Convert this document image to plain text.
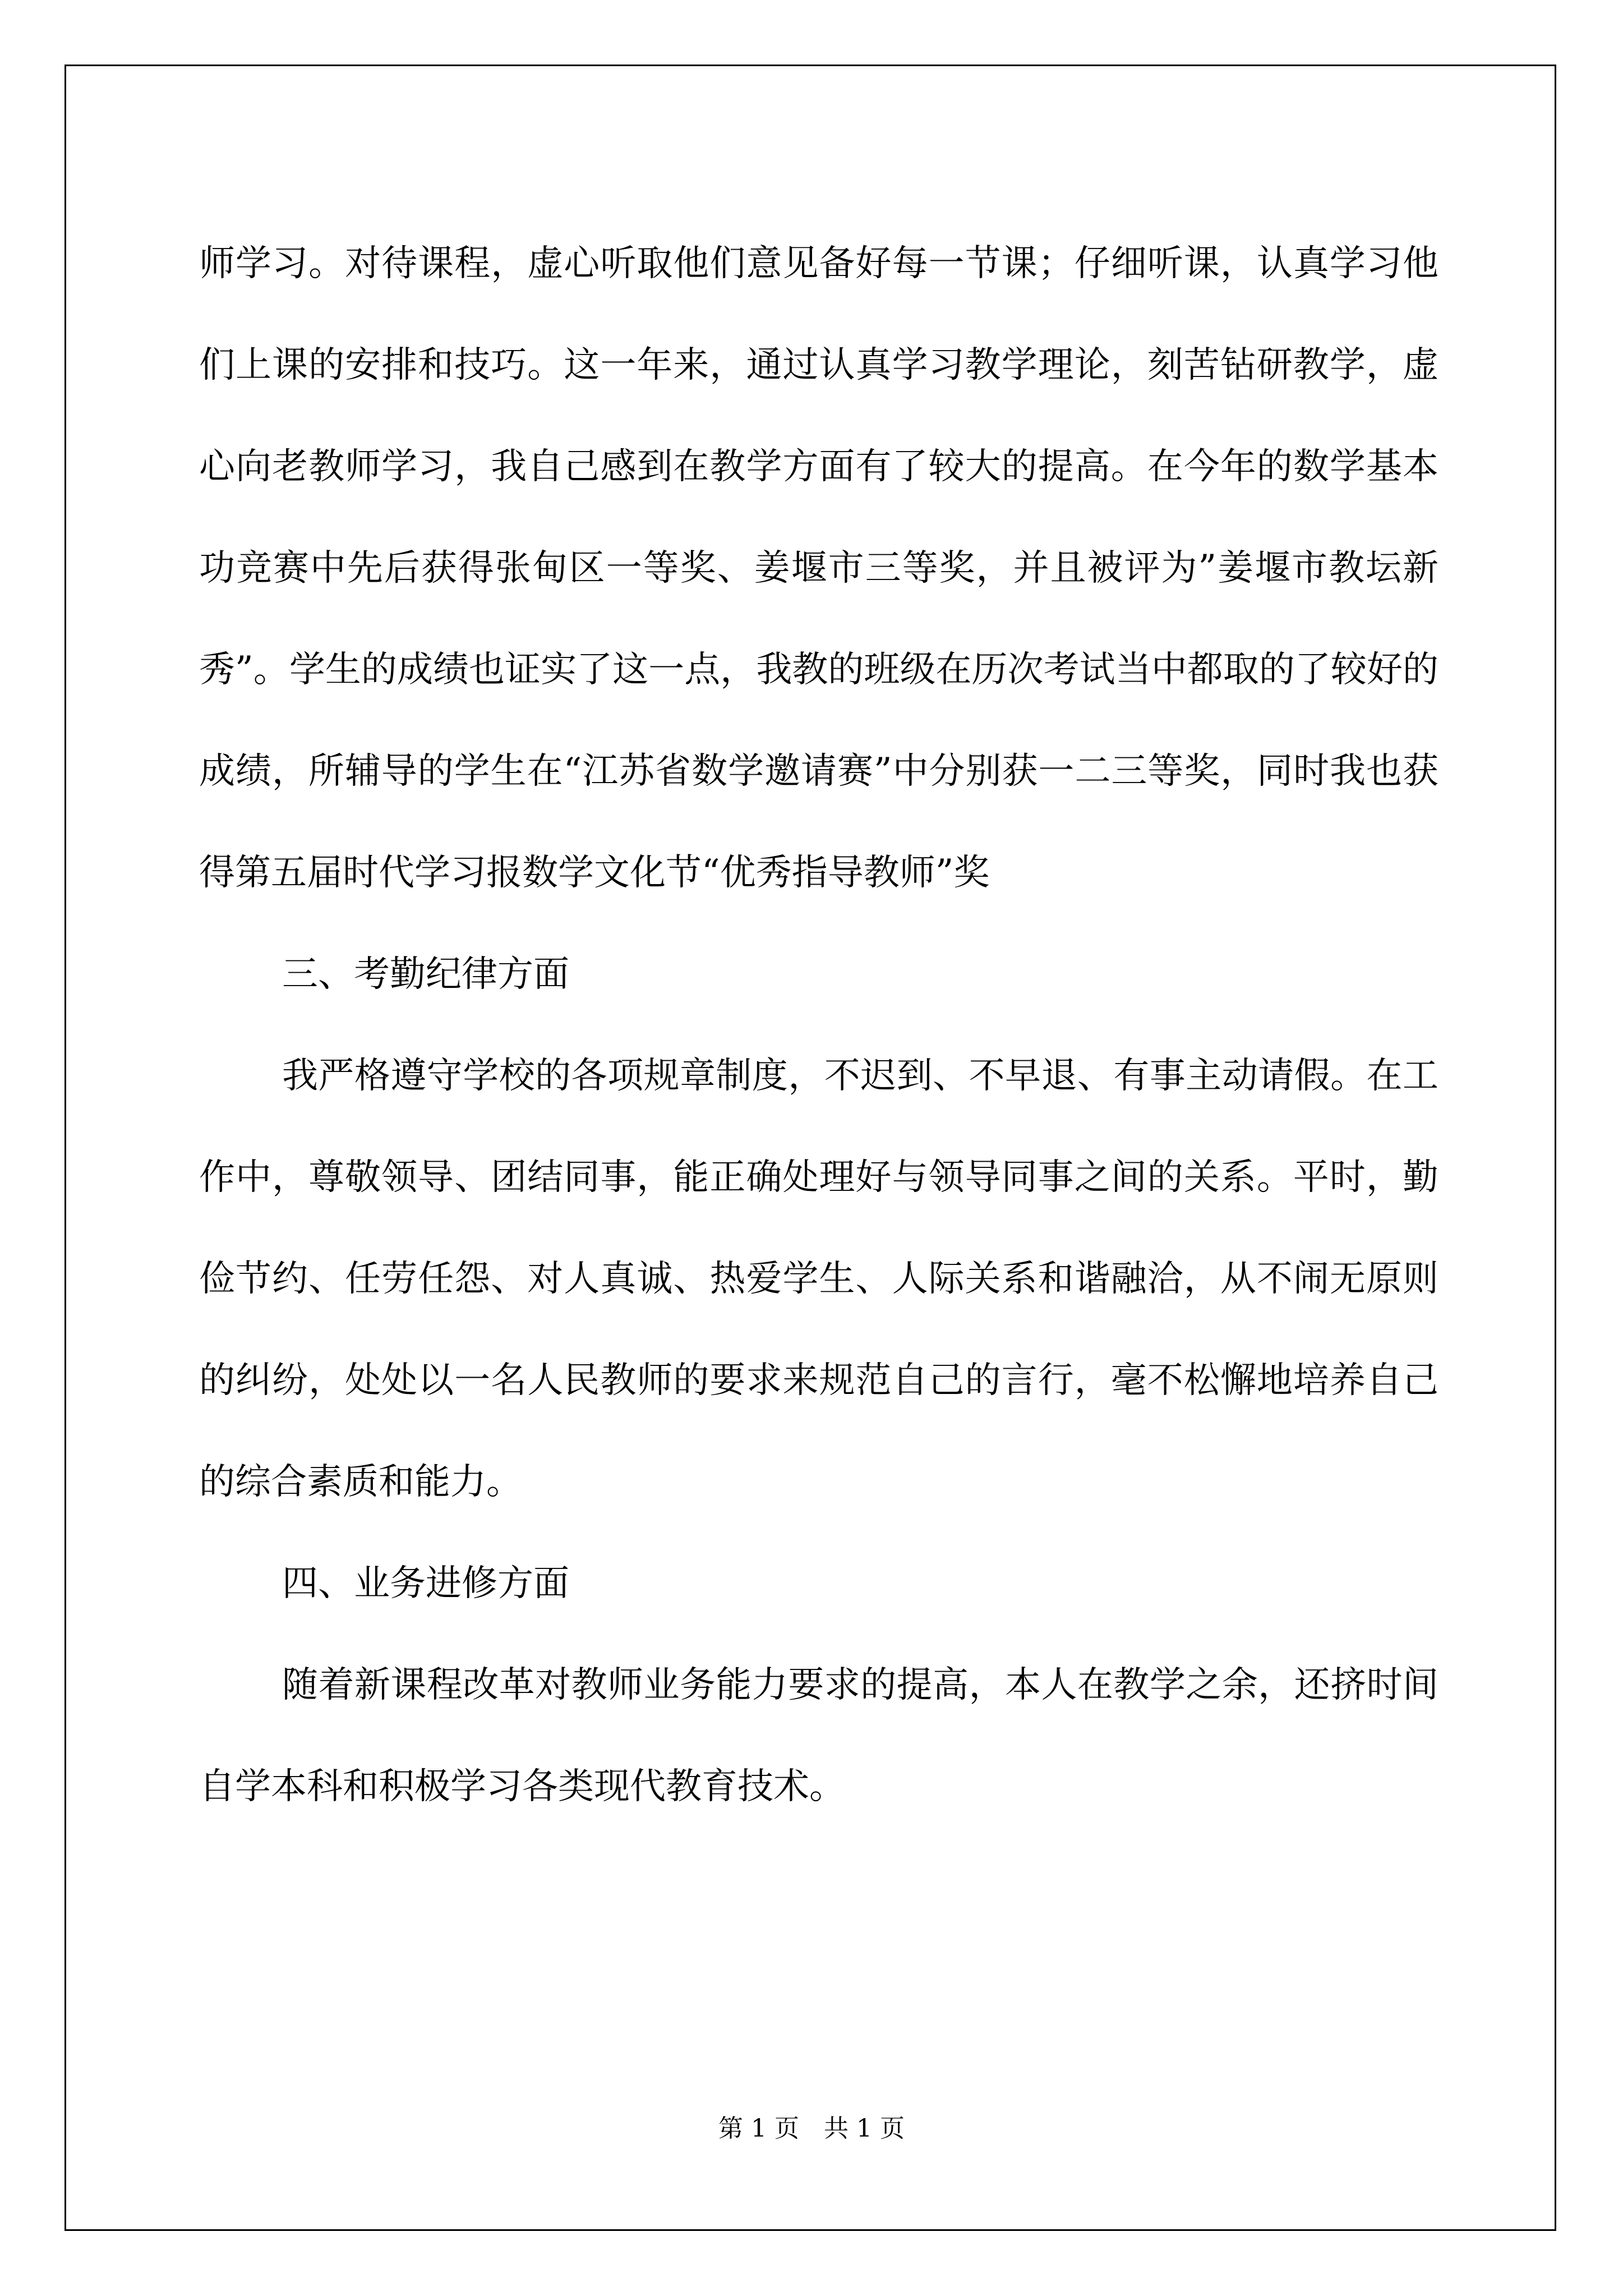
师学习。对待课程，虚心听取他们意见备好每一节课；仔细听课，认真学习他们上课的安排和技巧。这一年来，通过认真学习教学理论，刻苦钻研教学，虚心向老教师学习，我自己感到在教学方面有了较大的提高。在今年的数学基本功竞赛中先后获得张甸区一等奖、姜堰市三等奖，并且被评为”姜堰市教坛新秀”。学生的成绩也证实了这一点，我教的班级在历次考试当中都取的了较好的成绩，所辅导的学生在“江苏省数学邀请赛”中分别获一二三等奖，同时我也获得第五届时代学习报数学文化节“优秀指导教师”奖

三、考勤纪律方面

我严格遵守学校的各项规章制度，不迟到、不早退、有事主动请假。在工作中，尊敬领导、团结同事，能正确处理好与领导同事之间的关系。平时，勤俭节约、任劳任怨、对人真诚、热爱学生、人际关系和谐融洽，从不闹无原则的纠纷，处处以一名人民教师的要求来规范自己的言行，毫不松懈地培养自己的综合素质和能力。

四、业务进修方面

随着新课程改革对教师业务能力要求的提高，本人在教学之余，还挤时间自学本科和积极学习各类现代教育技术。

第 1 页　共 1 页
